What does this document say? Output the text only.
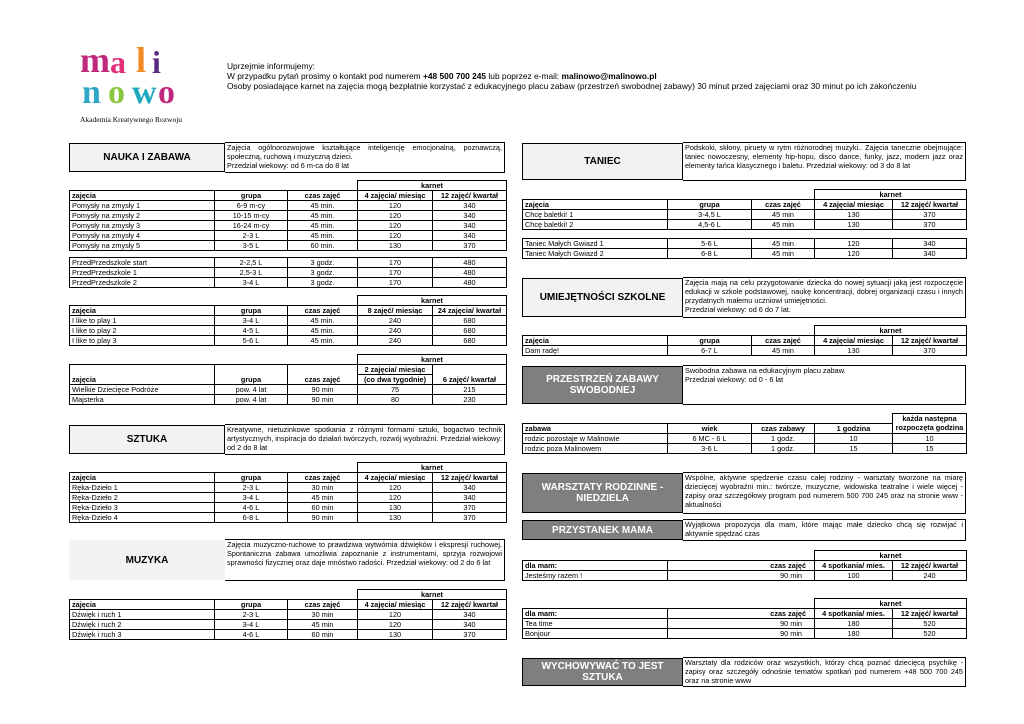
m a l i
n o w o
Akademia Kreatywnego Rozwoju
Uprzejmie informujemy:
W przypadku pytań prosimy o kontakt pod numerem +48 500 700 245 lub poprzez e-mail: malinowo@malinowo.pl
Osoby posiadające karnet na zajęcia mogą bezpłatnie korzystać z edukacyjnego placu zabaw (przestrzeń swobodnej zabawy) 30 minut przed zajęciami oraz 30 minut po ich zakończeniu
NAUKA I ZABAWA
Zajęcia ogólnorozwojowe kształtujące inteligencję emocjonalną, poznawczą, społeczną, ruchową i muzyczną dzieci.
Przedział wiekowy: od 6 m-ca do 8 lat
			karnet	
zajęcia	grupa	czas zajęć	4 zajęcia/ miesiąc	12 zajęć/ kwartał
Pomysły na zmysły 1	6-9 m-cy	45 min.	120	340
Pomysły na zmysły 2	10-15 m-cy	45 min.	120	340
Pomysły na zmysły 3	16-24 m-cy	45 min.	120	340
Pomysły na zmysły 4	2-3 L	45 min.	120	340
Pomysły na zmysły 5	3-5 L	60 min.	130	370
PrzedPrzedszkole start	2-2,5 L	3 godz.	170	480
PrzedPrzedszkole 1	2,5-3 L	3 godz.	170	480
PrzedPrzedszkole 2	3-4 L	3 godz.	170	480
			karnet	
zajęcia	grupa	czas zajęć	8 zajęć/ miesiąc	24 zajęcia/ kwartał
I like to play 1	3-4 L	45 min.	240	680
I like to play 2	4-5 L	45 min.	240	680
I like to play 3	5-6 L	45 min.	240	680
			karnet	
zajęcia	grupa	czas zajęć	2 zajęcia/ miesiąc	6 zajęć/ kwartał
			(co dwa tygodnie)	
Wielkie Dziecięce Podróże	pow. 4 lat	90 min	75	215
Majsterka	pow. 4 lat	90 min	80	230
SZTUKA
Kreatywne, nietuzinkowe spotkania z różnymi formami sztuki, bogactwo technik artystycznych, inspiracja do działań twórczych, rozwój wyobraźni. Przedział wiekowy: od 2 do 8 lat
			karnet	
zajęcia	grupa	czas zajęć	4 zajęcia/ miesiąc	12 zajęć/ kwartał
Ręka-Dzieło 1	2-3 L	30 min	120	340
Ręka-Dzieło 2	3-4 L	45 min	120	340
Ręka-Dzieło 3	4-6 L	60 min	130	370
Ręka-Dzieło 4	6-8 L	90 min	130	370
MUZYKA
Zajęcia muzyczno-ruchowe to prawdziwa wytwórnia dźwięków i ekspresji ruchowej. Spontaniczna zabawa umożliwia zapoznanie z instrumentami, sprzyja rozwojowi sprawności fizycznej oraz daje mnóstwo radości. Przedział wiekowy: od 2 do 6 lat
			karnet	
zajęcia	grupa	czas zajęć	4 zajęcia/ miesiąc	12 zajęć/ kwartał
Dźwięk i ruch 1	2-3 L	30 min	120	340
Dźwięk i ruch 2	3-4 L	45 min	120	340
Dźwięk i ruch 3	4-6 L	60 min	130	370
TANIEC
Podskoki, skłony, piruety w rytm różnorodnej muzyki.. Zajęcia taneczne obejmujące: taniec nowoczesny, elementy hip-hopu, disco dance, funky, jazz, modern jazz oraz elementy tańca klasycznego i baletu. Przedział wiekowy: od 3 do 8 lat
			karnet	
zajęcia	grupa	czas zajęć	4 zajęcia/ miesiąc	12 zajęć/ kwartał
Chcę baletki! 1	3-4,5 L	45 min	130	370
Chcę baletki! 2	4,5-6 L	45 min	130	370
Taniec Małych Gwiazd 1	5-6 L	45 min	120	340
Taniec Małych Gwiazd 2	6-8 L	45 min	120	340
UMIEJĘTNOŚCI SZKOLNE
Zajęcia mają na celu przygotowanie dziecka do nowej sytuacji jaką jest rozpoczęcie edukacji w szkole podstawowej, naukę koncentracji, dobrej organizacji czasu i innych przydatnych małemu uczniowi umiejętności.
Przedział wiekowy: od 6 do 7 lat.
			karnet	
zajęcia	grupa	czas zajęć	4 zajęcia/ miesiąc	12 zajęć/ kwartał
Dam radę!	6-7 L	45 min	130	370
PRZESTRZEŃ ZABAWY SWOBODNEJ
Swobodna zabawa na edukacyjnym placu zabaw.
Przedział wiekowy: od 0 - 6 lat
				każda następna rozpoczęta godzina
zabawa	wiek	czas zabawy	1 godzina	
rodzic pozostaje w Malinowie	6 MC - 6 L	1 godz.	10	10
rodzic poza Malinowem	3-6 L	1 godz.	15	15
WARSZTATY RODZINNE - NIEDZIELA
Wspólne, aktywne spędzenie czasu całej rodziny - warsztaty tworzone na miarę dziecięcej wyobraźni min.: twórcze, muzyczne, widowiska teatralne i wiele więcej - zapisy oraz szczegółowy program pod numerem 500 700 245 oraz na stronie www - aktualności
PRZYSTANEK MAMA	Wyjątkowa propozycja dla mam, które mając małe dziecko chcą się rozwijać i aktywnie spędzać czas
		karnet	
dla mam:	czas zajęć	4 spotkania/ mies.	12 zajęć/ kwartał
Jesteśmy razem !	90 min	100	240
		karnet	
dla mam:	czas zajęć	4 spotkania/ mies.	12 zajęć/ kwartał
Tea time	90 min	180	520
Bonjour	90 min	180	520
WYCHOWYWAĆ TO JEST SZTUKA
Warsztaty dla rodziców oraz wszystkich, którzy chcą poznać dziecięcą psychikę - zapisy oraz szczegóły odnośnie tematów spotkań pod numerem +48 500 700 245 oraz na stronie www
